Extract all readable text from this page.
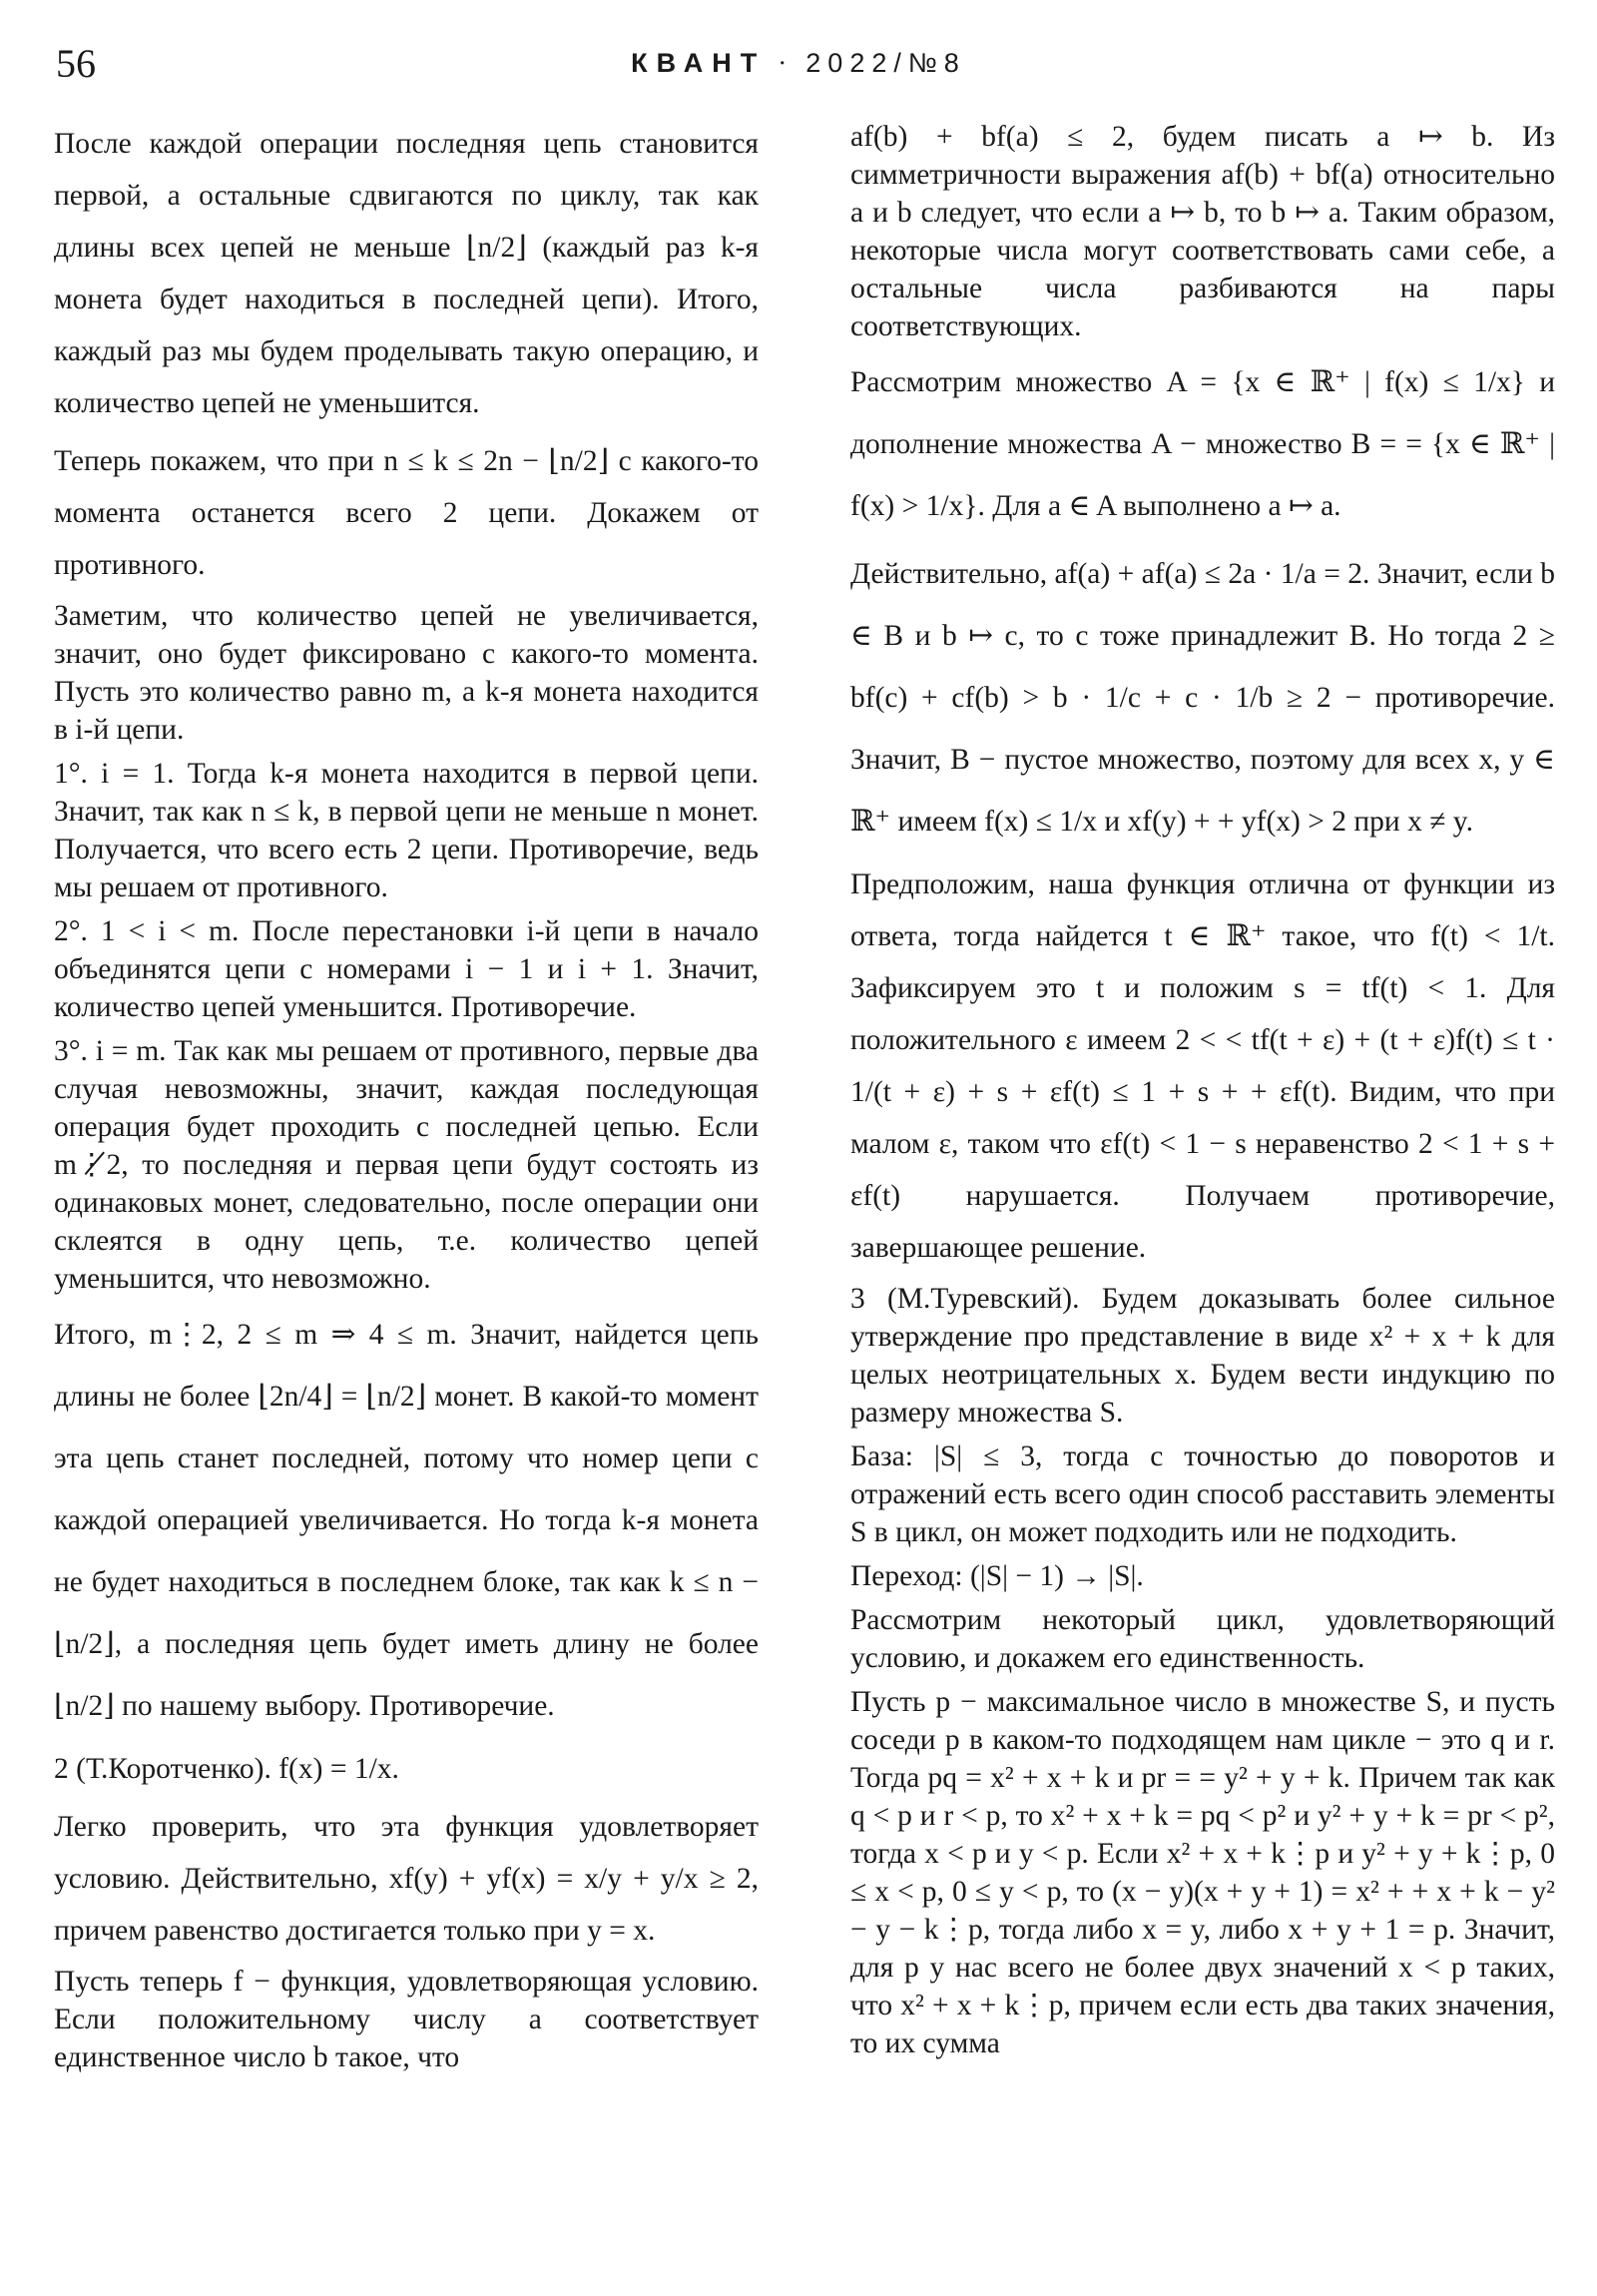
56	КВАНТ · 2022/№8

После каждой операции последняя цепь становится первой, а остальные сдвигаются по циклу, так как длины всех цепей не меньше ⌊n/2⌋ (каждый раз k-я монета будет находиться в последней цепи). Итого, каждый раз мы будем проделывать такую операцию, и количество цепей не уменьшится.

Теперь покажем, что при n ≤ k ≤ 2n − ⌊n/2⌋ с какого-то момента останется всего 2 цепи. Докажем от противного.

Заметим, что количество цепей не увеличивается, значит, оно будет фиксировано с какого-то момента. Пусть это количество равно m, а k-я монета находится в i-й цепи.

1°. i = 1. Тогда k-я монета находится в первой цепи. Значит, так как n ≤ k, в первой цепи не меньше n монет. Получается, что всего есть 2 цепи. Противоречие, ведь мы решаем от противного.

2°. 1 < i < m. После перестановки i-й цепи в начало объединятся цепи с номерами i − 1 и i + 1. Значит, количество цепей уменьшится. Противоречие.

3°. i = m. Так как мы решаем от противного, первые два случая невозможны, значит, каждая последующая операция будет проходить с последней цепью. Если m⋮̸2, то последняя и первая цепи будут состоять из одинаковых монет, следовательно, после операции они склеятся в одну цепь, т.е. количество цепей уменьшится, что невозможно.

Итого, m⋮2, 2 ≤ m ⇒ 4 ≤ m. Значит, найдется цепь длины не более ⌊2n/4⌋ = ⌊n/2⌋ монет. В какой-то момент эта цепь станет последней, потому что номер цепи с каждой операцией увеличивается. Но тогда k-я монета не будет находиться в последнем блоке, так как k ≤ n − ⌊n/2⌋, а последняя цепь будет иметь длину не более ⌊n/2⌋ по нашему выбору. Противоречие.

2 (Т.Коротченко). f(x) = 1/x.

Легко проверить, что эта функция удовлетворяет условию. Действительно, xf(y) + yf(x) = x/y + y/x ≥ 2, причем равенство достигается только при y = x.

Пусть теперь f − функция, удовлетворяющая условию. Если положительному числу a соответствует единственное число b такое, что

af(b) + bf(a) ≤ 2, будем писать a ↦ b. Из симметричности выражения af(b) + bf(a) относительно a и b следует, что если a ↦ b, то b ↦ a. Таким образом, некоторые числа могут соответствовать сами себе, а остальные числа разбиваются на пары соответствующих.

Рассмотрим множество A = {x ∈ ℝ⁺ | f(x) ≤ 1/x} и дополнение множества A − множество B = = {x ∈ ℝ⁺ | f(x) > 1/x}. Для a ∈ A выполнено a ↦ a.

Действительно, af(a) + af(a) ≤ 2a · 1/a = 2. Значит, если b ∈ B и b ↦ c, то c тоже принадлежит B. Но тогда 2 ≥ bf(c) + cf(b) > b · 1/c + c · 1/b ≥ 2 − противоречие. Значит, B − пустое множество, поэтому для всех x, y ∈ ℝ⁺ имеем f(x) ≤ 1/x и xf(y) + + yf(x) > 2 при x ≠ y.

Предположим, наша функция отлична от функции из ответа, тогда найдется t ∈ ℝ⁺ такое, что f(t) < 1/t. Зафиксируем это t и положим s = tf(t) < 1. Для положительного ε имеем 2 < < tf(t + ε) + (t + ε)f(t) ≤ t · 1/(t + ε) + s + εf(t) ≤ 1 + s + + εf(t). Видим, что при малом ε, таком что εf(t) < 1 − s неравенство 2 < 1 + s + εf(t) нарушается. Получаем противоречие, завершающее решение.

3 (М.Туревский). Будем доказывать более сильное утверждение про представление в виде x² + x + k для целых неотрицательных x. Будем вести индукцию по размеру множества S.

База: |S| ≤ 3, тогда с точностью до поворотов и отражений есть всего один способ расставить элементы S в цикл, он может подходить или не подходить.

Переход: (|S| − 1) → |S|.

Рассмотрим некоторый цикл, удовлетворяющий условию, и докажем его единственность.

Пусть p − максимальное число в множестве S, и пусть соседи p в каком-то подходящем нам цикле − это q и r. Тогда pq = x² + x + k и pr = = y² + y + k. Причем так как q < p и r < p, то x² + x + k = pq < p² и y² + y + k = pr < p², тогда x < p и y < p. Если x² + x + k⋮p и y² + y + k⋮p, 0 ≤ x < p, 0 ≤ y < p, то (x − y)(x + y + 1) = x² + + x + k − y² − y − k⋮p, тогда либо x = y, либо x + y + 1 = p. Значит, для p у нас всего не более двух значений x < p таких, что x² + x + k⋮p, причем если есть два таких значения, то их сумма
